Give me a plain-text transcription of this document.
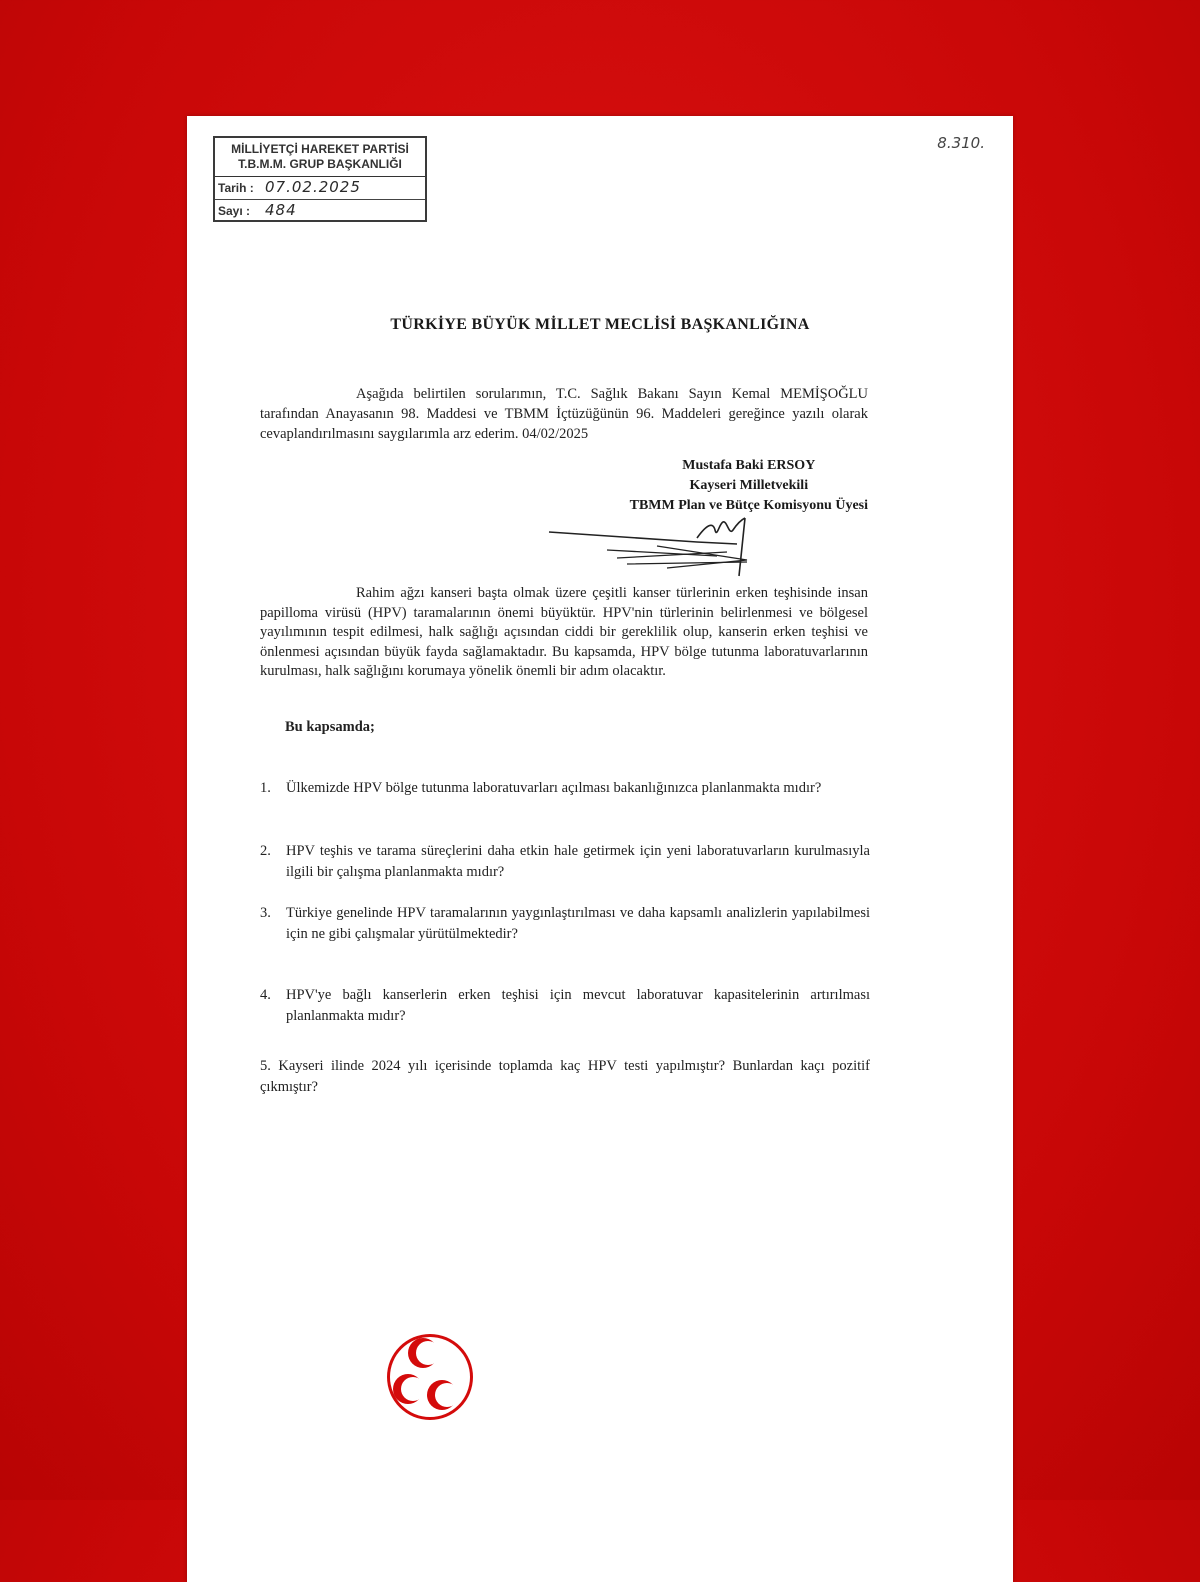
MİLLİYETÇİ HAREKET PARTİSİ
T.B.M.M. GRUP BAŞKANLIĞI
Tarih : 07.02.2025
Sayı : 484
8.310.
TÜRKİYE BÜYÜK MİLLET MECLİSİ BAŞKANLIĞINA
Aşağıda belirtilen sorularımın, T.C. Sağlık Bakanı Sayın Kemal MEMİŞOĞLU tarafından Anayasanın 98. Maddesi ve TBMM İçtüzüğünün 96. Maddeleri gereğince yazılı olarak cevaplandırılmasını saygılarımla arz ederim. 04/02/2025
Mustafa Baki ERSOY
Kayseri Milletvekili
TBMM Plan ve Bütçe Komisyonu Üyesi
Rahim ağzı kanseri başta olmak üzere çeşitli kanser türlerinin erken teşhisinde insan papilloma virüsü (HPV) taramalarının önemi büyüktür. HPV'nin türlerinin belirlenmesi ve bölgesel yayılımının tespit edilmesi, halk sağlığı açısından ciddi bir gereklilik olup, kanserin erken teşhisi ve önlenmesi açısından büyük fayda sağlamaktadır. Bu kapsamda, HPV bölge tutunma laboratuvarlarının kurulması, halk sağlığını korumaya yönelik önemli bir adım olacaktır.
Bu kapsamda;
1.	Ülkemizde HPV bölge tutunma laboratuvarları açılması bakanlığınızca planlanmakta mıdır?
2.	HPV teşhis ve tarama süreçlerini daha etkin hale getirmek için yeni laboratuvarların kurulmasıyla ilgili bir çalışma planlanmakta mıdır?
3.	Türkiye genelinde HPV taramalarının yaygınlaştırılması ve daha kapsamlı analizlerin yapılabilmesi için ne gibi çalışmalar yürütülmektedir?
4.	HPV'ye bağlı kanserlerin erken teşhisi için mevcut laboratuvar kapasitelerinin artırılması planlanmakta mıdır?
5. Kayseri ilinde 2024 yılı içerisinde toplamda kaç HPV testi yapılmıştır? Bunlardan kaçı pozitif çıkmıştır?
Mustafa
BAKİ ERSOY
MHP 27. ve 28. Dönem Kayseri Milletvekili
